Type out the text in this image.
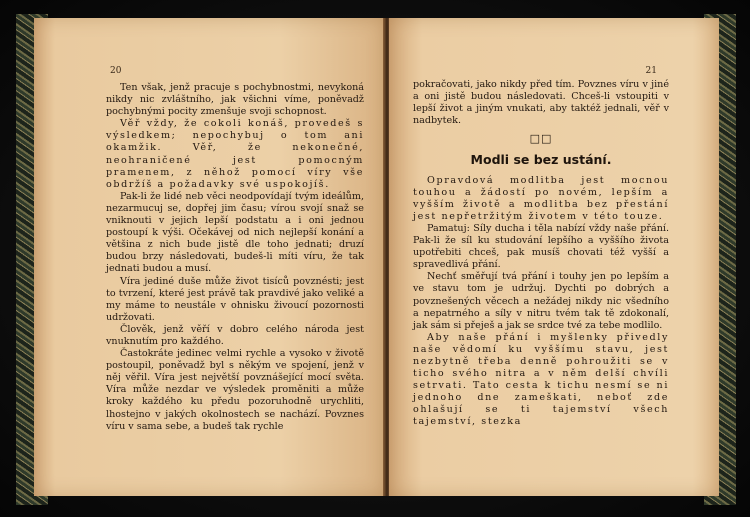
20

Ten však, jenž pracuje s pochybnostmi, nevykoná nikdy nic zvláštního, jak všichni víme, poněvadž pochybnými pocity zmenšuje svoji schopnost.

Věř vždy, že cokoli konáš, provedeš s výsledkem; nepochybuj o tom ani okamžik. Věř, že nekonečné, neohraničené jest pomocným pramenem, z něhož pomocí víry vše obdržíš a požadavky své uspokojíš.

Pak-li že lidé neb věci neodpovídají tvým ideálům, nezarmucuj se, dopřej jim času; vírou svojí snaž se vniknouti v jejich lepší podstatu a i oni jednou postoupí k výši. Očekávej od nich nejlepší konání a většina z nich bude jistě dle toho jednati; druzí budou brzy následovati, budeš-li míti víru, že tak jednati budou a musí.

Víra jediné duše může život tisíců povznésti; jest to tvrzení, které jest právě tak pravdivé jako veliké a my máme to neustále v ohnisku živoucí pozornosti udržovati.

Člověk, jenž věří v dobro celého národa jest vnuknutím pro každého.

Častokráte jedinec velmi rychle a vysoko v životě postoupil, poněvadž byl s někým ve spojení, jenž v něj věřil. Víra jest největší povznášející mocí světa. Víra může nezdar ve výsledek proměniti a může kroky každého ku předu pozoruhodně urychliti, lhostejno v jakých okolnostech se nachází. Povznes víru v sama sebe, a budeš tak rychle

21

pokračovati, jako nikdy před tím. Povznes víru v jiné a oni jistě budou následovati. Chceš-li vstoupiti v lepší život a jiným vnukati, aby taktéž jednali, věř v nadbytek.

□□
Modli se bez ustání.

Opravdová modlitba jest mocnou touhou a žádostí po novém, lepším a vyšším životě a modlitba bez přestání jest nepřetržitým životem v této touze.

Pamatuj: Síly ducha i těla nabízí vždy naše přání. Pak-li že síl ku studování lepšího a vyššího života upotřebiti chceš, pak musíš chovati též vyšší a spravedlivá přání.

Nechť směřují tvá přání i touhy jen po lepším a ve stavu tom je udržuj. Dychti po dobrých a povznešených věcech a nežádej nikdy nic všedního a nepatrného a síly v nitru tvém tak tě zdokonalí, jak sám si přeješ a jak se srdce tvé za tebe modlilo.

Aby naše přání i myšlenky přivedly naše vědomí ku vyššímu stavu, jest nezbytně třeba denně pohroužiti se v ticho svého nitra a v něm delší chvíli setrvati. Tato cesta k tichu nesmí se ni jednoho dne zameškati, neboť zde ohlašují se ti tajemství všech tajemství, stezka
